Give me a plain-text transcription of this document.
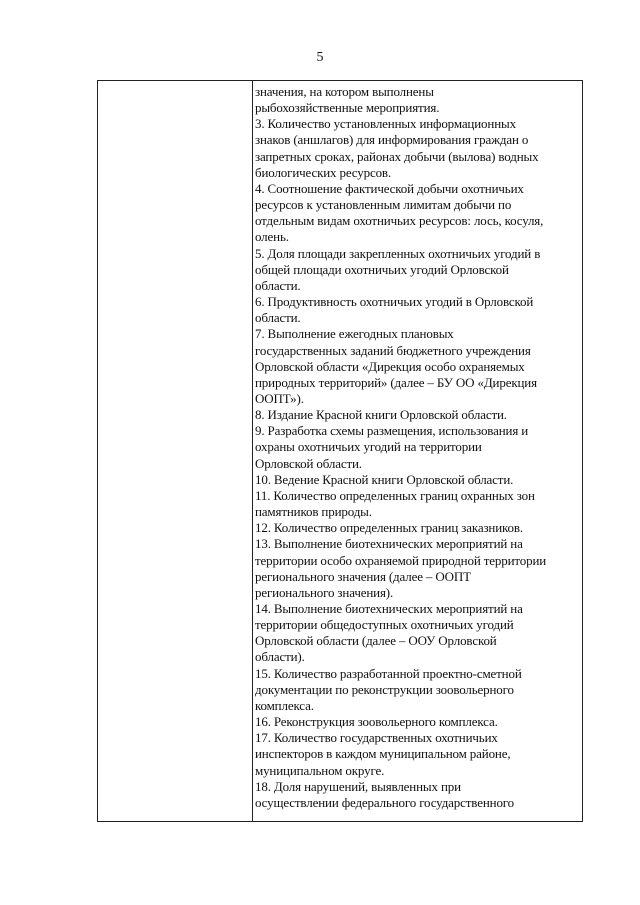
5
значения, на котором выполнены
рыбохозяйственные мероприятия.
3. Количество установленных информационных
знаков (аншлагов) для информирования граждан о
запретных сроках, районах добычи (вылова) водных
биологических ресурсов.
4. Соотношение фактической добычи охотничьих
ресурсов к установленным лимитам добычи по
отдельным видам охотничьих ресурсов: лось, косуля,
олень.
5. Доля площади закрепленных охотничьих угодий в
общей площади охотничьих угодий Орловской
области.
6. Продуктивность охотничьих угодий в Орловской
области.
7. Выполнение ежегодных плановых
государственных заданий бюджетного учреждения
Орловской области «Дирекция особо охраняемых
природных территорий» (далее – БУ ОО «Дирекция
ООПТ»).
8. Издание Красной книги Орловской области.
9. Разработка схемы размещения, использования и
охраны охотничьих угодий на территории
Орловской области.
10. Ведение Красной книги Орловской области.
11. Количество определенных границ охранных зон
памятников природы.
12. Количество определенных границ заказников.
13. Выполнение биотехнических мероприятий на
территории особо охраняемой природной территории
регионального значения (далее – ООПТ
регионального значения).
14. Выполнение биотехнических мероприятий на
территории общедоступных охотничьих угодий
Орловской области (далее – ООУ Орловской
области).
15. Количество разработанной проектно-сметной
документации по реконструкции зоовольерного
комплекса.
16. Реконструкция зоовольерного комплекса.
17. Количество государственных охотничьих
инспекторов в каждом муниципальном районе,
муниципальном округе.
18. Доля нарушений, выявленных при
осуществлении федерального государственного
